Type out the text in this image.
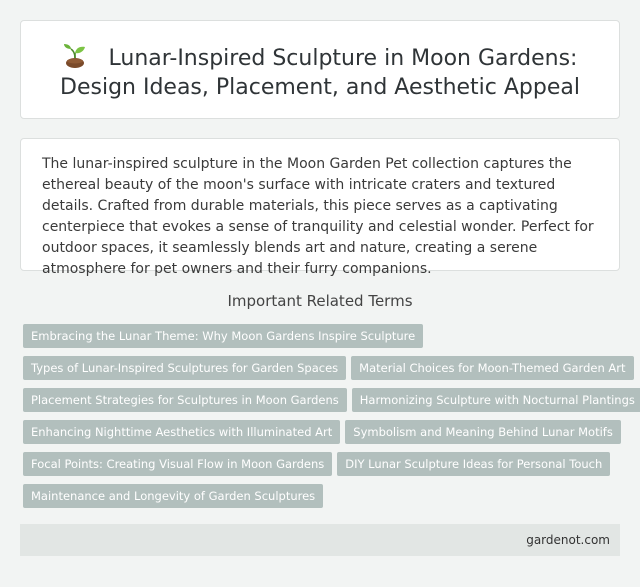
Lunar-Inspired Sculpture in Moon Gardens:
Design Ideas, Placement, and Aesthetic Appeal

The lunar-inspired sculpture in the Moon Garden Pet collection captures the ethereal beauty of the moon's surface with intricate craters and textured details. Crafted from durable materials, this piece serves as a captivating centerpiece that evokes a sense of tranquility and celestial wonder. Perfect for outdoor spaces, it seamlessly blends art and nature, creating a serene atmosphere for pet owners and their furry companions.

Important Related Terms
Embracing the Lunar Theme: Why Moon Gardens Inspire Sculpture
Types of Lunar-Inspired Sculptures for Garden Spaces Material Choices for Moon-Themed Garden Art
Placement Strategies for Sculptures in Moon Gardens Harmonizing Sculpture with Nocturnal Plantings
Enhancing Nighttime Aesthetics with Illuminated Art Symbolism and Meaning Behind Lunar Motifs
Focal Points: Creating Visual Flow in Moon Gardens DIY Lunar Sculpture Ideas for Personal Touch
Maintenance and Longevity of Garden Sculptures
gardenot.com
